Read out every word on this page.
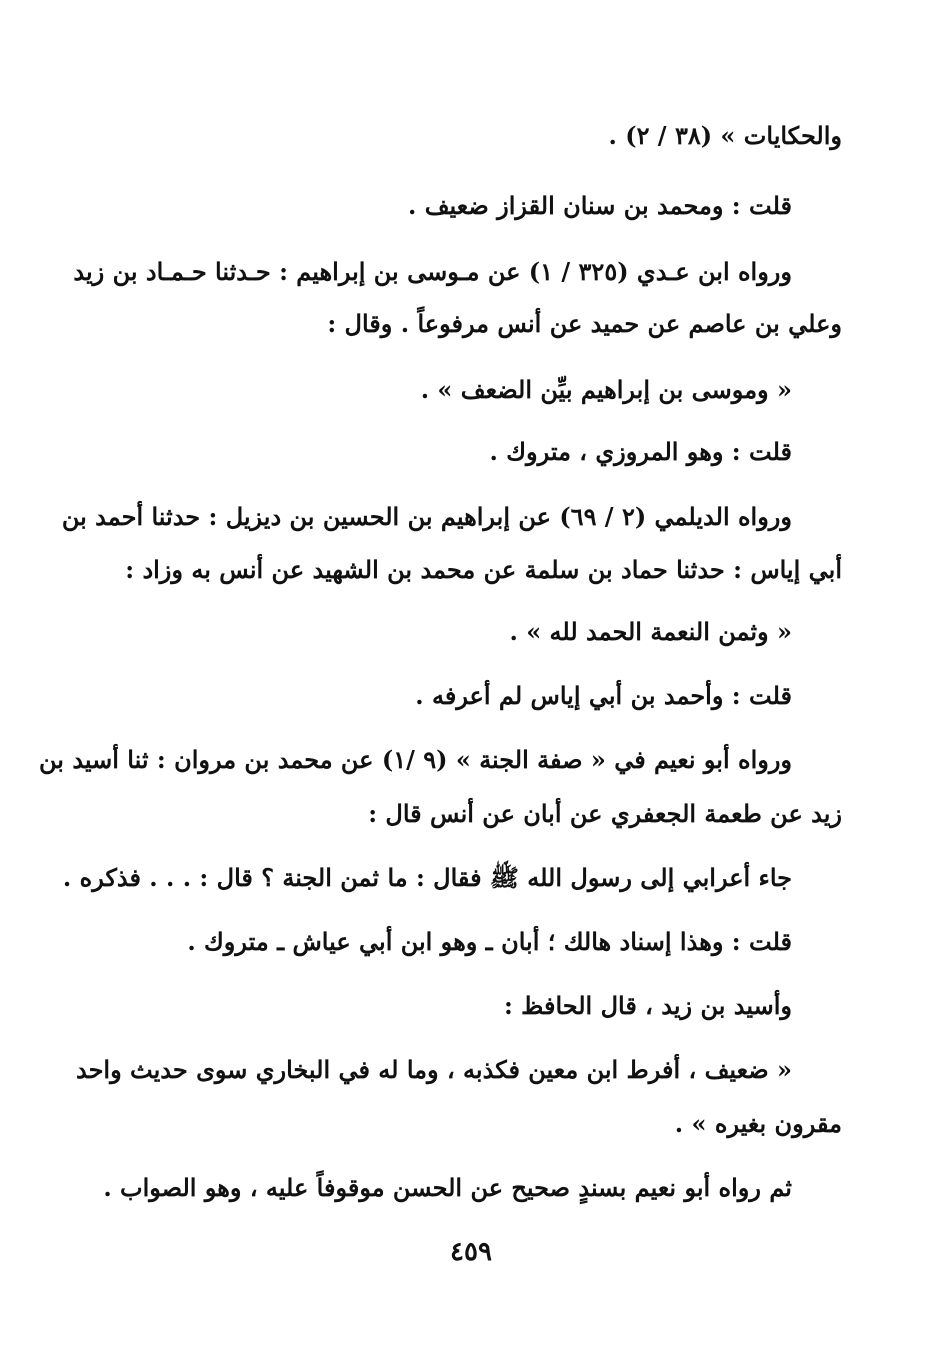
والحكايات » (٣٨ / ٢) .
قلت : ومحمد بن سنان القزاز ضعيف .
ورواه ابن عـدي (٣٢٥ / ١) عن مـوسى بن إبراهيم : حـدثنا حـمـاد بن زيد
وعلي بن عاصم عن حميد عن أنس مرفوعاً . وقال :
« وموسى بن إبراهيم بيِّن الضعف » .
قلت : وهو المروزي ، متروك .
ورواه الديلمي (٢ / ٦٩) عن إبراهيم بن الحسين بن ديزيل : حدثنا أحمد بن
أبي إياس : حدثنا حماد بن سلمة عن محمد بن الشهيد عن أنس به وزاد :
« وثمن النعمة الحمد لله » .
قلت : وأحمد بن أبي إياس لم أعرفه .
ورواه أبو نعيم في « صفة الجنة » (٩ /١) عن محمد بن مروان : ثنا أسيد بن
زيد عن طعمة الجعفري عن أبان عن أنس قال :
جاء أعرابي إلى رسول الله ﷺ فقال : ما ثمن الجنة ؟ قال : . . . فذكره .
قلت : وهذا إسناد هالك ؛ أبان ـ وهو ابن أبي عياش ـ متروك .
وأسيد بن زيد ، قال الحافظ :
« ضعيف ، أفرط ابن معين فكذبه ، وما له في البخاري سوى حديث واحد
مقرون بغيره » .
ثم رواه أبو نعيم بسندٍ صحيح عن الحسن موقوفاً عليه ، وهو الصواب .
٤٥٩
